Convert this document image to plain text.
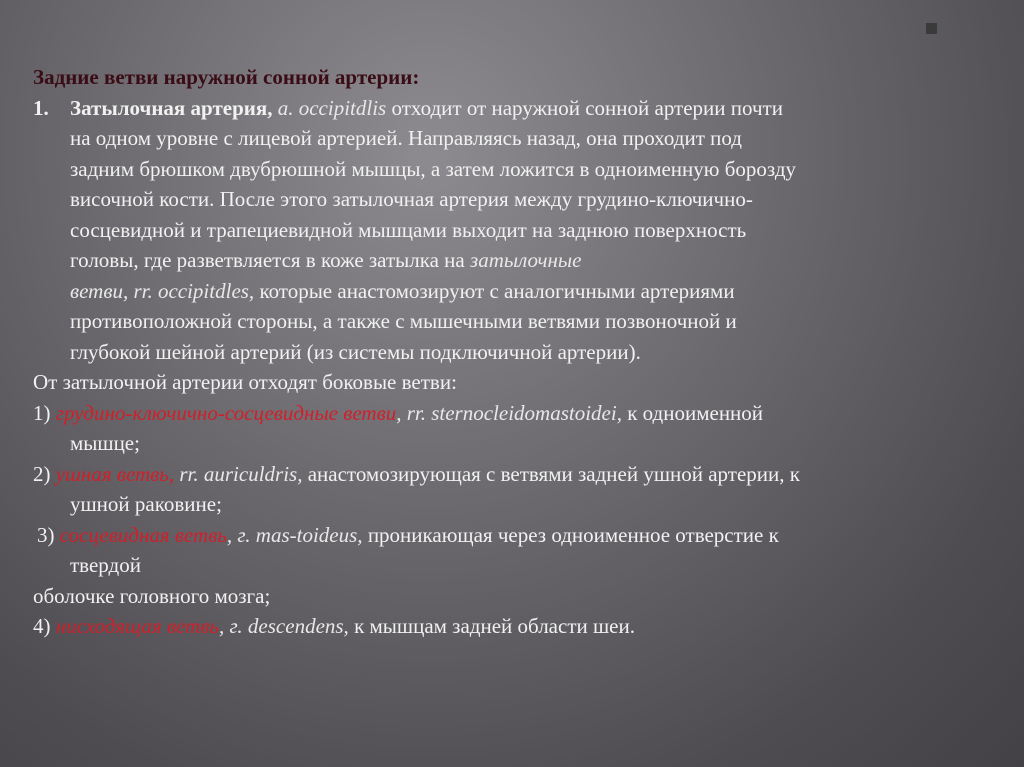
Задние ветви наружной сонной артерии:
1. Затылочная артерия, a. occipitdlis отходит от наружной сонной артерии почти
на одном уровне с лицевой артерией. Направляясь назад, она проходит под
задним брюшком двубрюшной мышцы, а затем ложится в одноименную борозду
височной кости. После этого затылочная артерия между грудино-ключично-
сосцевидной и трапециевидной мышцами выходит на заднюю поверхность
головы, где разветвляется в коже затылка на затылочные
ветви, rr. occipitdles, которые анастомозируют с аналогичными артериями
противоположной стороны, а также с мышечными ветвями позвоночной и
глубокой шейной артерий (из системы подключичной артерии).
От затылочной артерии отходят боковые ветви:
1) грудино-ключично-сосцевидные ветви, rr. sternocleidomastoidei, к одноименной
мышце;
2) ушная ветвь, rr. auriculdris, анастомозирующая с ветвями задней ушной артерии, к
ушной раковине;
3) сосцевидная ветвь, г. mas-toideus, проникающая через одноименное отверстие к
твердой
оболочке головного мозга;
4) нисходящая ветвь, г. descendens, к мышцам задней области шеи.
